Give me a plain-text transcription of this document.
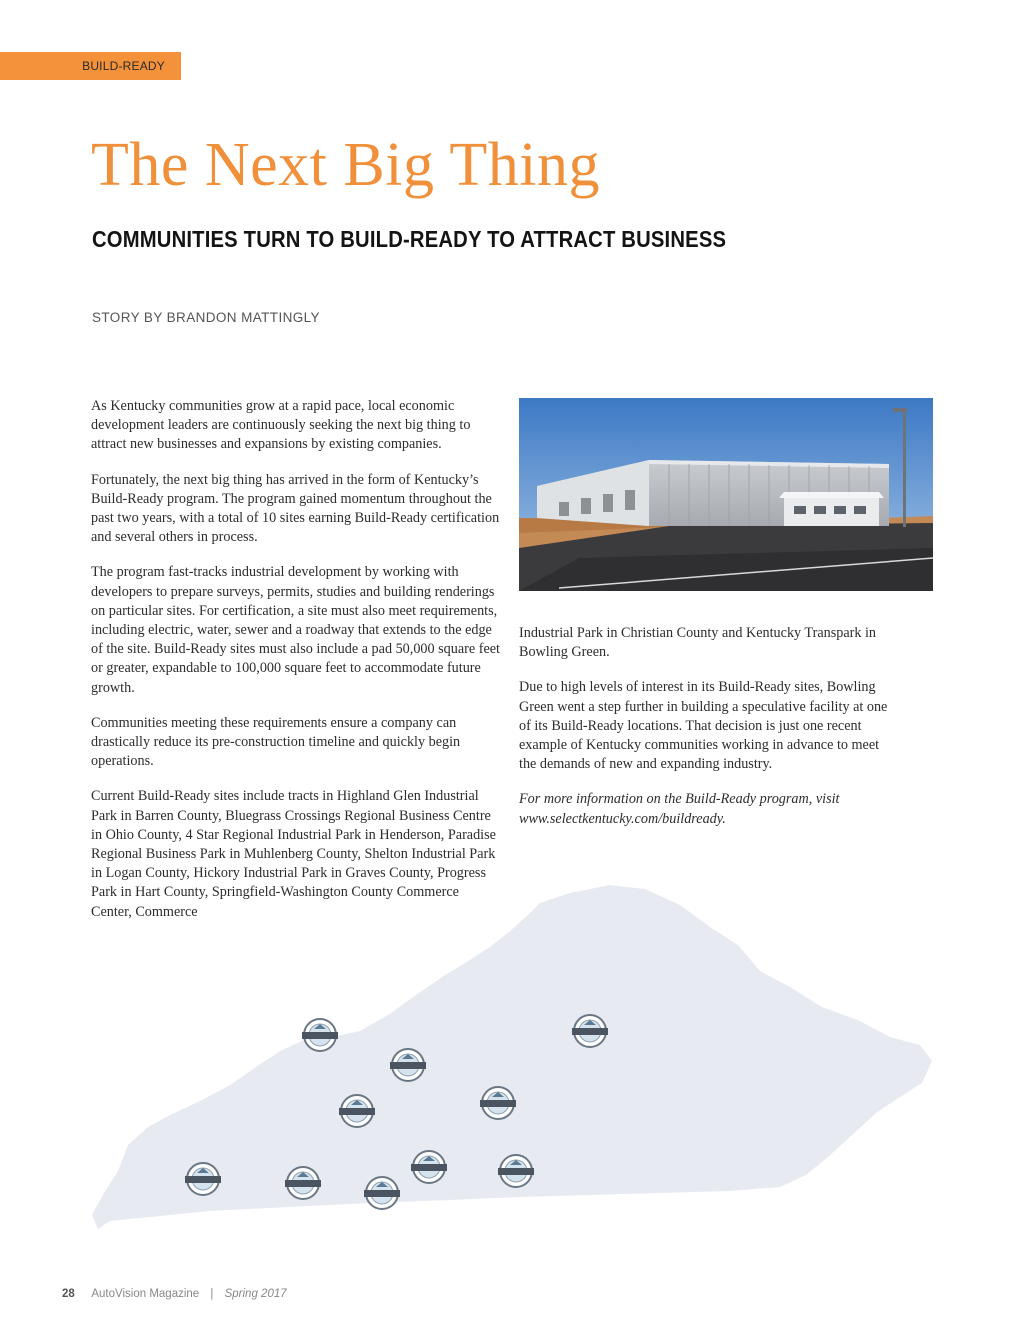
BUILD-READY
The Next Big Thing
COMMUNITIES TURN TO BUILD-READY TO ATTRACT BUSINESS
STORY BY BRANDON MATTINGLY

As Kentucky communities grow at a rapid pace, local economic development leaders are continuously seeking the next big thing to attract new businesses and expansions by existing companies.

Fortunately, the next big thing has arrived in the form of Kentucky’s Build-Ready program. The program gained momentum throughout the past two years, with a total of 10 sites earning Build-Ready certification and several others in process.

The program fast-tracks industrial development by working with developers to prepare surveys, permits, studies and building renderings on particular sites. For certification, a site must also meet requirements, including electric, water, sewer and a roadway that extends to the edge of the site. Build-Ready sites must also include a pad 50,000 square feet or greater, expandable to 100,000 square feet to accommodate future growth.

Communities meeting these requirements ensure a company can drastically reduce its pre-construction timeline and quickly begin operations.

Current Build-Ready sites include tracts in Highland Glen Industrial Park in Barren County, Bluegrass Crossings Regional Business Centre in Ohio County, 4 Star Regional Industrial Park in Henderson, Paradise Regional Business Park in Muhlenberg County, Shelton Industrial Park in Logan County, Hickory Industrial Park in Graves County, Progress Park in Hart County, Springfield-Washington County Commerce Center, Commerce

Industrial Park in Christian County and Kentucky Transpark in Bowling Green.

Due to high levels of interest in its Build-Ready sites, Bowling Green went a step further in building a speculative facility at one of its Build-Ready locations. That decision is just one recent example of Kentucky communities working in advance to meet the demands of new and expanding industry.

For more information on the Build-Ready program, visit www.selectkentucky.com/buildready.

28 AutoVision Magazine | Spring 2017
